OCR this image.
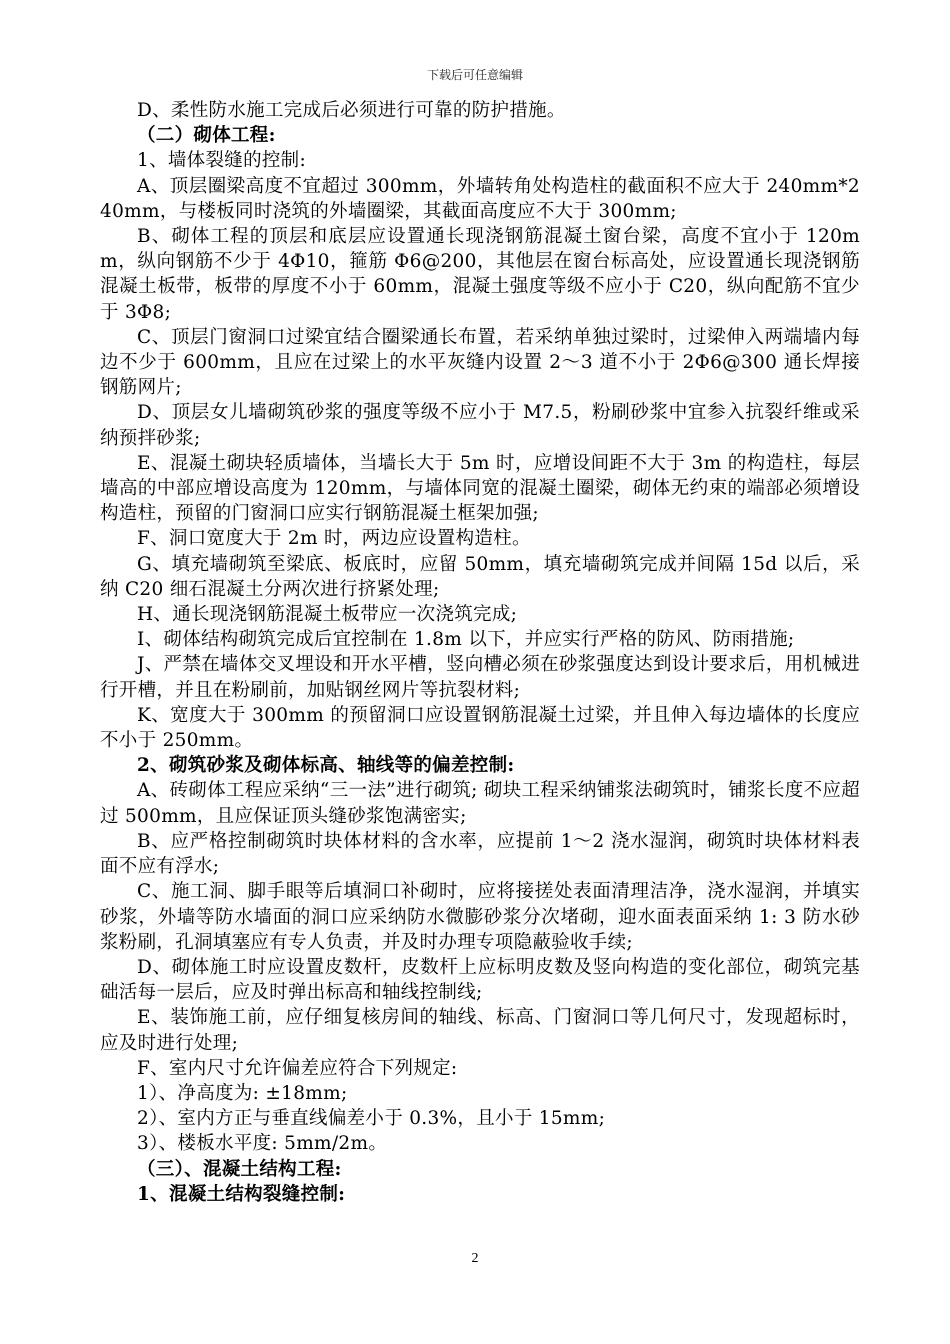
下载后可任意编辑

D、柔性防水施工完成后必须进行可靠的防护措施。

（二）砌体工程:

1、墙体裂缝的控制:

A、顶层圈梁高度不宜超过 300mm，外墙转角处构造柱的截面积不应大于 240mm*240mm，与楼板同时浇筑的外墙圈梁，其截面高度应不大于 300mm;

B、砌体工程的顶层和底层应设置通长现浇钢筋混凝土窗台梁，高度不宜小于 120mm，纵向钢筋不少于 4Φ10，箍筋 Φ6@200，其他层在窗台标高处，应设置通长现浇钢筋混凝土板带，板带的厚度不小于 60mm，混凝土强度等级不应小于 C20，纵向配筋不宜少于 3Φ8;

C、顶层门窗洞口过梁宜结合圈梁通长布置，若采纳单独过梁时，过梁伸入两端墙内每边不少于 600mm，且应在过梁上的水平灰缝内设置 2～3 道不小于 2Φ6@300 通长焊接钢筋网片;

D、顶层女儿墙砌筑砂浆的强度等级不应小于 M7.5，粉刷砂浆中宜参入抗裂纤维或采纳预拌砂浆;

E、混凝土砌块轻质墙体，当墙长大于 5m 时，应增设间距不大于 3m 的构造柱，每层墙高的中部应增设高度为 120mm，与墙体同宽的混凝土圈梁，砌体无约束的端部必须增设构造柱，预留的门窗洞口应实行钢筋混凝土框架加强;

F、洞口宽度大于 2m 时，两边应设置构造柱。

G、填充墙砌筑至梁底、板底时，应留 50mm，填充墙砌筑完成并间隔 15d 以后，采纳 C20 细石混凝土分两次进行挤紧处理;

H、通长现浇钢筋混凝土板带应一次浇筑完成;

I、砌体结构砌筑完成后宜控制在 1.8m 以下，并应实行严格的防风、防雨措施;

J、严禁在墙体交叉埋设和开水平槽，竖向槽必须在砂浆强度达到设计要求后，用机械进行开槽，并且在粉刷前，加贴钢丝网片等抗裂材料;

K、宽度大于 300mm 的预留洞口应设置钢筋混凝土过梁，并且伸入每边墙体的长度应不小于 250mm。

2、砌筑砂浆及砌体标高、轴线等的偏差控制:

A、砖砌体工程应采纳“三一法”进行砌筑; 砌块工程采纳铺浆法砌筑时，铺浆长度不应超过 500mm，且应保证顶头缝砂浆饱满密实;

B、应严格控制砌筑时块体材料的含水率，应提前 1～2 浇水湿润，砌筑时块体材料表面不应有浮水;

C、施工洞、脚手眼等后填洞口补砌时，应将接搓处表面清理洁净，浇水湿润，并填实砂浆，外墙等防水墙面的洞口应采纳防水微膨砂浆分次堵砌，迎水面表面采纳 1: 3 防水砂浆粉刷，孔洞填塞应有专人负责，并及时办理专项隐蔽验收手续;

D、砌体施工时应设置皮数杆，皮数杆上应标明皮数及竖向构造的变化部位，砌筑完基础活每一层后，应及时弹出标高和轴线控制线;

E、装饰施工前，应仔细复核房间的轴线、标高、门窗洞口等几何尺寸，发现超标时，应及时进行处理;

F、室内尺寸允许偏差应符合下列规定:

1）、净高度为: ±18mm;

2）、室内方正与垂直线偏差小于 0.3%，且小于 15mm;

3）、楼板水平度: 5mm/2m。

（三）、混凝土结构工程:

1、混凝土结构裂缝控制:

2
